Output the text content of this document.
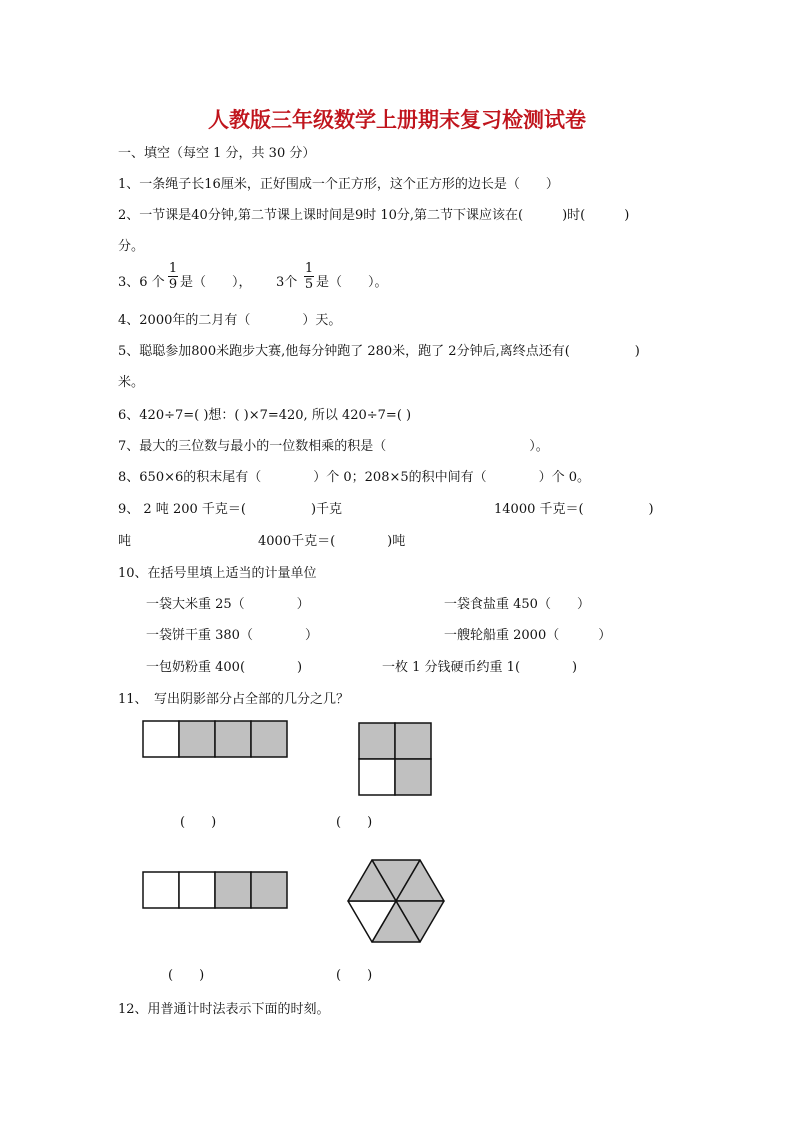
人教版三年级数学上册期末复习检测试卷
一、填空（每空 1 分，共 30 分）
1、一条绳子长16厘米，正好围成一个正方形，这个正方形的边长是（　　）
2、一节课是40分钟,第二节课上课时间是9时 10分,第二节下课应该在(　　　)时(　　　)
分。
3、6 个 $\frac{1}{9}$ 是（　　）， 3个 $\frac{1}{5}$ 是（　　）。
4、2000年的二月有（　　　　）天。
5、聪聪参加800米跑步大赛,他每分钟跑了 280米，跑了 2分钟后,离终点还有(　　　　　)
米。
6、420÷7=( )想：( )×7=420, 所以 420÷7=( )
7、最大的三位数与最小的一位数相乘的积是（　　　　　　　　　　　）。
8、650×6的积末尾有（　　　　）个 0；208×5的积中间有（　　　　）个 0。
9、 2 吨 200 千克＝(　　　　　)千克	14000 千克＝(　　　　　)
吨	4000千克＝(　　　　)吨
10、在括号里填上适当的计量单位
一袋大米重 25（　　　　）	一袋食盐重 450（　　）
一袋饼干重 380（　　　　）	一艘轮船重 2000（　　　）
一包奶粉重 400(　　　　)	一枚 1 分钱硬币约重 1(　　　　)
11、　写出阴影部分占全部的几分之几？
(　　)	(　　)
(　　)	(　　)
12、用普通计时法表示下面的时刻。
